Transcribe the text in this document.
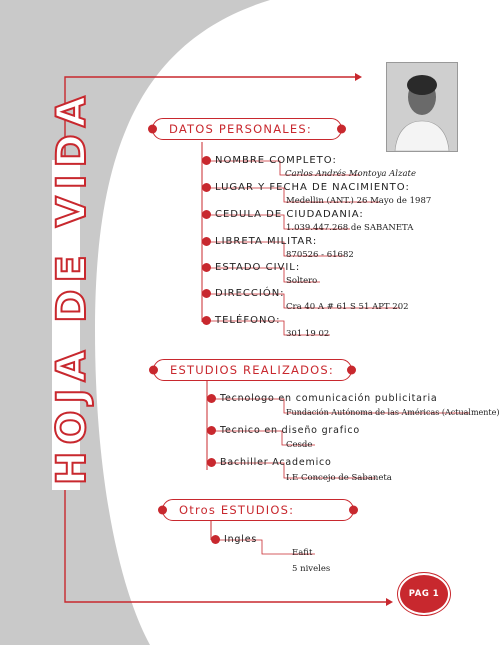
HOJA DE VIDA	DATOS PERSONALES:
NOMBRE COMPLETO:
Carlos Andrés Montoya Alzate
LUGAR Y FECHA DE NACIMIENTO:
Medellin (ANT.) 26 Mayo de 1987
CEDULA DE CIUDADANIA:
1.039.447.268 de SABANETA
LIBRETA MILITAR:
870526 - 61682
ESTADO CIVIL:
Soltero
DIRECCIÓN:
Cra 40 A # 61 S 51 APT 202
TELÉFONO:
301 19 02
ESTUDIOS REALIZADOS:
Tecnologo en comunicación publicitaria
Fundación Autónoma de las Américas (Actualmente)
Tecnico en diseño grafico
Cesde
Bachiller Academico
I.E Concejo de Sabaneta
Otros ESTUDIOS:
Ingles
Eafit
5 niveles
PAG 1
